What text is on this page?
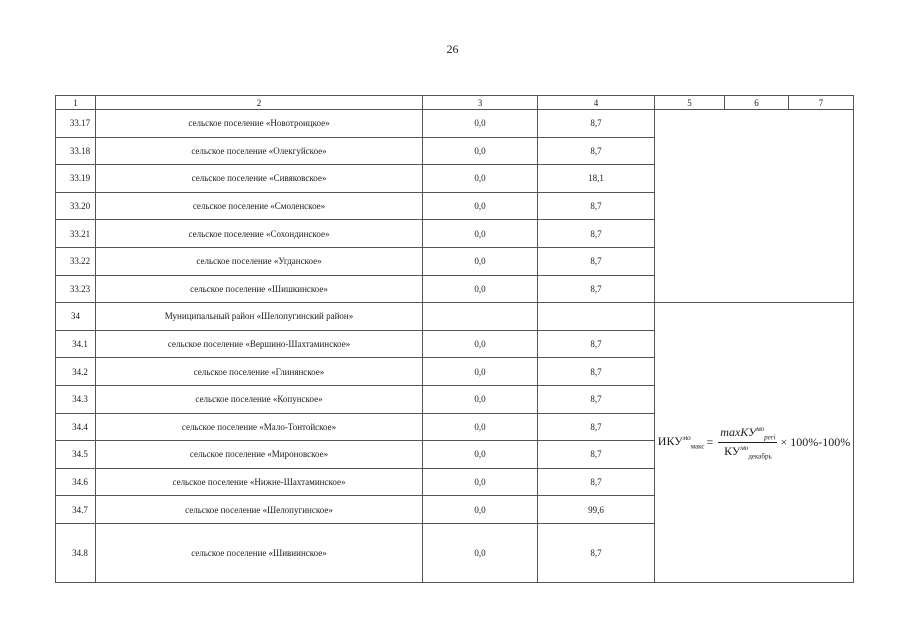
26
1	2	3	4	5	6	7
33.17	сельское поселение «Новотроицкое»	0,0	8,7			
33.18	сельское поселение «Олекгуйское»	0,0	8,7			
33.19	сельское поселение «Сивяковское»	0,0	18,1			
33.20	сельское поселение «Смоленское»	0,0	8,7			
33.21	сельское поселение «Сохондинское»	0,0	8,7			
33.22	сельское поселение «Угданское»	0,0	8,7			
33.23	сельское поселение «Шишкинское»	0,0	8,7			
34	Муниципальный район «Шелопугинский район»			$ИКУ^{мо}_{макс} = \frac{\max КУ^{мо}_{peri}}{КУ^{мо}_{декабрь}} \times 100\%-100\%$		

34.1	сельское поселение «Вершино-Шахтаминское»	0,0	8,7			
34.2	сельское поселение «Глинянское»	0,0	8,7			
34.3	сельское поселение «Копунское»	0,0	8,7			
34.4	сельское поселение «Мало-Тонтойское»	0,0	8,7			
34.5	сельское поселение «Мироновское»	0,0	8,7			
34.6	сельское поселение «Нижне-Шахтаминское»	0,0	8,7			
34.7	сельское поселение «Шелопугинское»	0,0	99,6			
34.8	сельское поселение «Шивиинское»	0,0	8,7			
